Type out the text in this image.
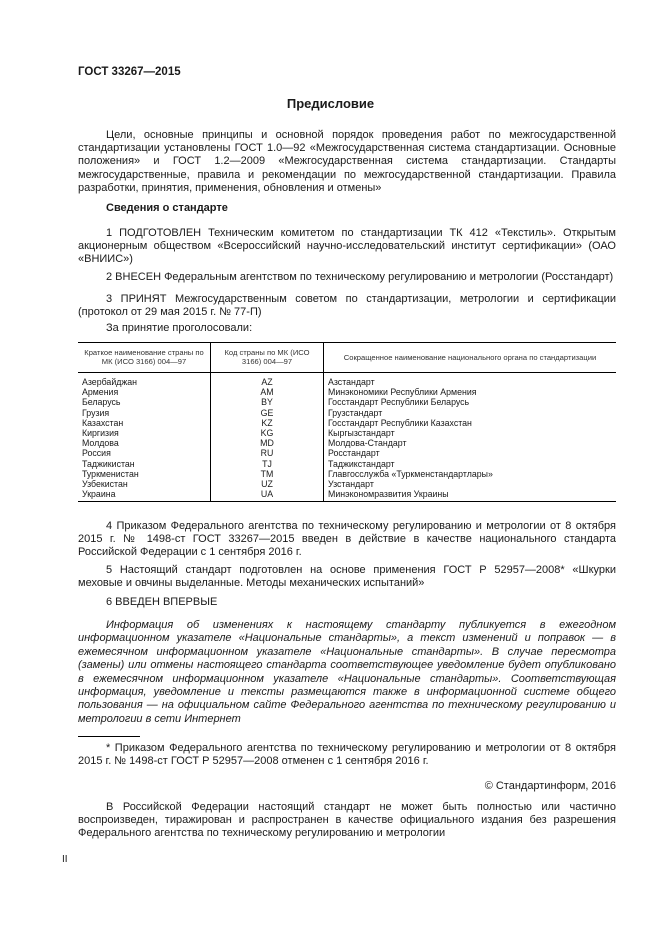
ГОСТ 33267—2015
Предисловие
Цели, основные принципы и основной порядок проведения работ по межгосударственной стандартизации установлены ГОСТ 1.0—92 «Межгосударственная система стандартизации. Основные положения» и ГОСТ 1.2—2009 «Межгосударственная система стандартизации. Стандарты межгосударственные, правила и рекомендации по межгосударственной стандартизации. Правила разработки, принятия, применения, обновления и отмены»
Сведения о стандарте
1 ПОДГОТОВЛЕН Техническим комитетом по стандартизации ТК 412 «Текстиль». Открытым акционерным обществом «Всероссийский научно-исследовательский институт сертификации» (ОАО «ВНИИС»)
2 ВНЕСЕН Федеральным агентством по техническому регулированию и метрологии (Росстандарт)
3 ПРИНЯТ Межгосударственным советом по стандартизации, метрологии и сертификации (протокол от 29 мая 2015 г. № 77-П)
За принятие проголосовали:
Краткое наименование страны по МК (ИСО 3166) 004—97	Код страны по МК (ИСО 3166) 004—97	Сокращенное наименование национального органа по стандартизации
Азербайджан	AZ	Азстандарт
Армения	AM	Минэкономики Республики Армения
Беларусь	BY	Госстандарт Республики Беларусь
Грузия	GE	Грузстандарт
Казахстан	KZ	Госстандарт Республики Казахстан
Киргизия	KG	Кыргызстандарт
Молдова	MD	Молдова-Стандарт
Россия	RU	Росстандарт
Таджикистан	TJ	Таджикстандарт
Туркменистан	TM	Главгосслужба «Туркменстандартлары»
Узбекистан	UZ	Узстандарт
Украина	UA	Минэкономразвития Украины
4 Приказом Федерального агентства по техническому регулированию и метрологии от 8 октября 2015 г. № 1498-ст ГОСТ 33267—2015 введен в действие в качестве национального стандарта Российской Федерации с 1 сентября 2016 г.
5 Настоящий стандарт подготовлен на основе применения ГОСТ Р 52957—2008* «Шкурки меховые и овчины выделанные. Методы механических испытаний»
6 ВВЕДЕН ВПЕРВЫЕ
Информация об изменениях к настоящему стандарту публикуется в ежегодном информационном указателе «Национальные стандарты», а текст изменений и поправок — в ежемесячном информационном указателе «Национальные стандарты». В случае пересмотра (замены) или отмены настоящего стандарта соответствующее уведомление будет опубликовано в ежемесячном информационном указателе «Национальные стандарты». Соответствующая информация, уведомление и тексты размещаются также в информационной системе общего пользования — на официальном сайте Федерального агентства по техническому регулированию и метрологии в сети Интернет
* Приказом Федерального агентства по техническому регулированию и метрологии от 8 октября 2015 г. № 1498-ст ГОСТ Р 52957—2008 отменен с 1 сентября 2016 г.
© Стандартинформ, 2016
В Российской Федерации настоящий стандарт не может быть полностью или частично воспроизведен, тиражирован и распространен в качестве официального издания без разрешения Федерального агентства по техническому регулированию и метрологии
II
